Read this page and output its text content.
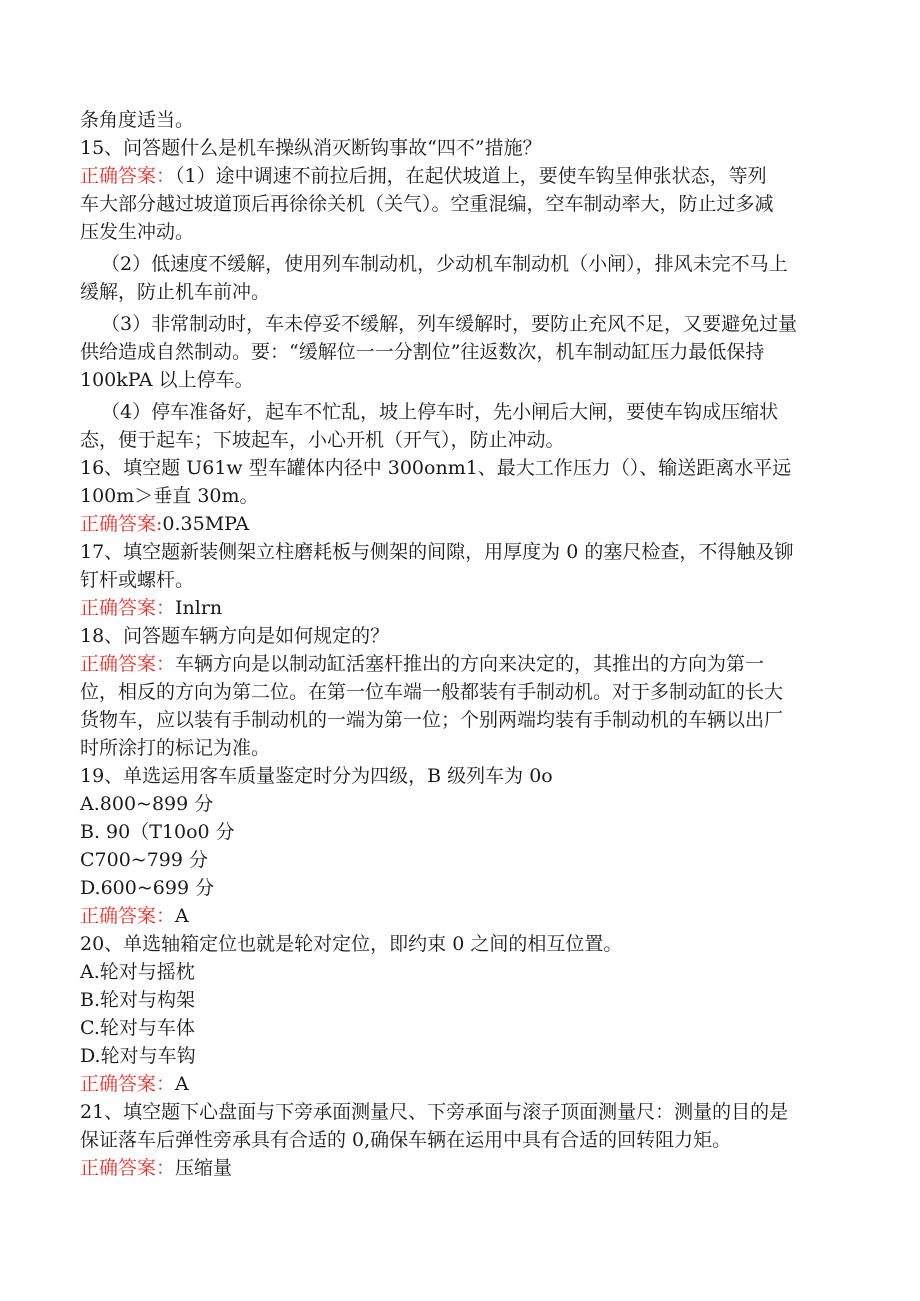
条角度适当。
15、问答题什么是机车操纵消灭断钩事故“四不”措施？
正确答案：（1）途中调速不前拉后拥，在起伏坡道上，要使车钩呈伸张状态，等列
车大部分越过坡道顶后再徐徐关机（关气）。空重混编，空车制动率大，防止过多减
压发生冲动。
（2）低速度不缓解，使用列车制动机，少动机车制动机（小闸），排风未完不马上
缓解，防止机车前冲。
（3）非常制动时，车未停妥不缓解，列车缓解时，要防止充风不足，又要避免过量
供给造成自然制动。要：“缓解位一一分割位”往返数次，机车制动缸压力最低保持
100kPA 以上停车。
（4）停车准备好，起车不忙乱，坡上停车时，先小闸后大闸，要使车钩成压缩状
态，便于起车；下坡起车，小心开机（开气），防止冲动。
16、填空题 U61w 型车罐体内径中 300onm1、最大工作压力（）、输送距离水平远
100m＞垂直 30m。
正确答案:0.35MPA
17、填空题新装侧架立柱磨耗板与侧架的间隙，用厚度为 0 的塞尺检查，不得触及铆
钉杆或螺杆。
正确答案：Inlrn
18、问答题车辆方向是如何规定的？
正确答案：车辆方向是以制动缸活塞杆推出的方向来决定的，其推出的方向为第一
位，相反的方向为第二位。在第一位车端一般都装有手制动机。对于多制动缸的长大
货物车，应以装有手制动机的一端为第一位；个别两端均装有手制动机的车辆以出厂
时所涂打的标记为准。
19、单选运用客车质量鉴定时分为四级，B 级列车为 0o
A.800~899 分
B. 90（T10o0 分
C700~799 分
D.600~699 分
正确答案：A
20、单选轴箱定位也就是轮对定位，即约束 0 之间的相互位置。
A.轮对与摇枕
B.轮对与构架
C.轮对与车体
D.轮对与车钩
正确答案：A
21、填空题下心盘面与下旁承面测量尺、下旁承面与滚子顶面测量尺：测量的目的是
保证落车后弹性旁承具有合适的 0,确保车辆在运用中具有合适的回转阻力矩。
正确答案：压缩量
